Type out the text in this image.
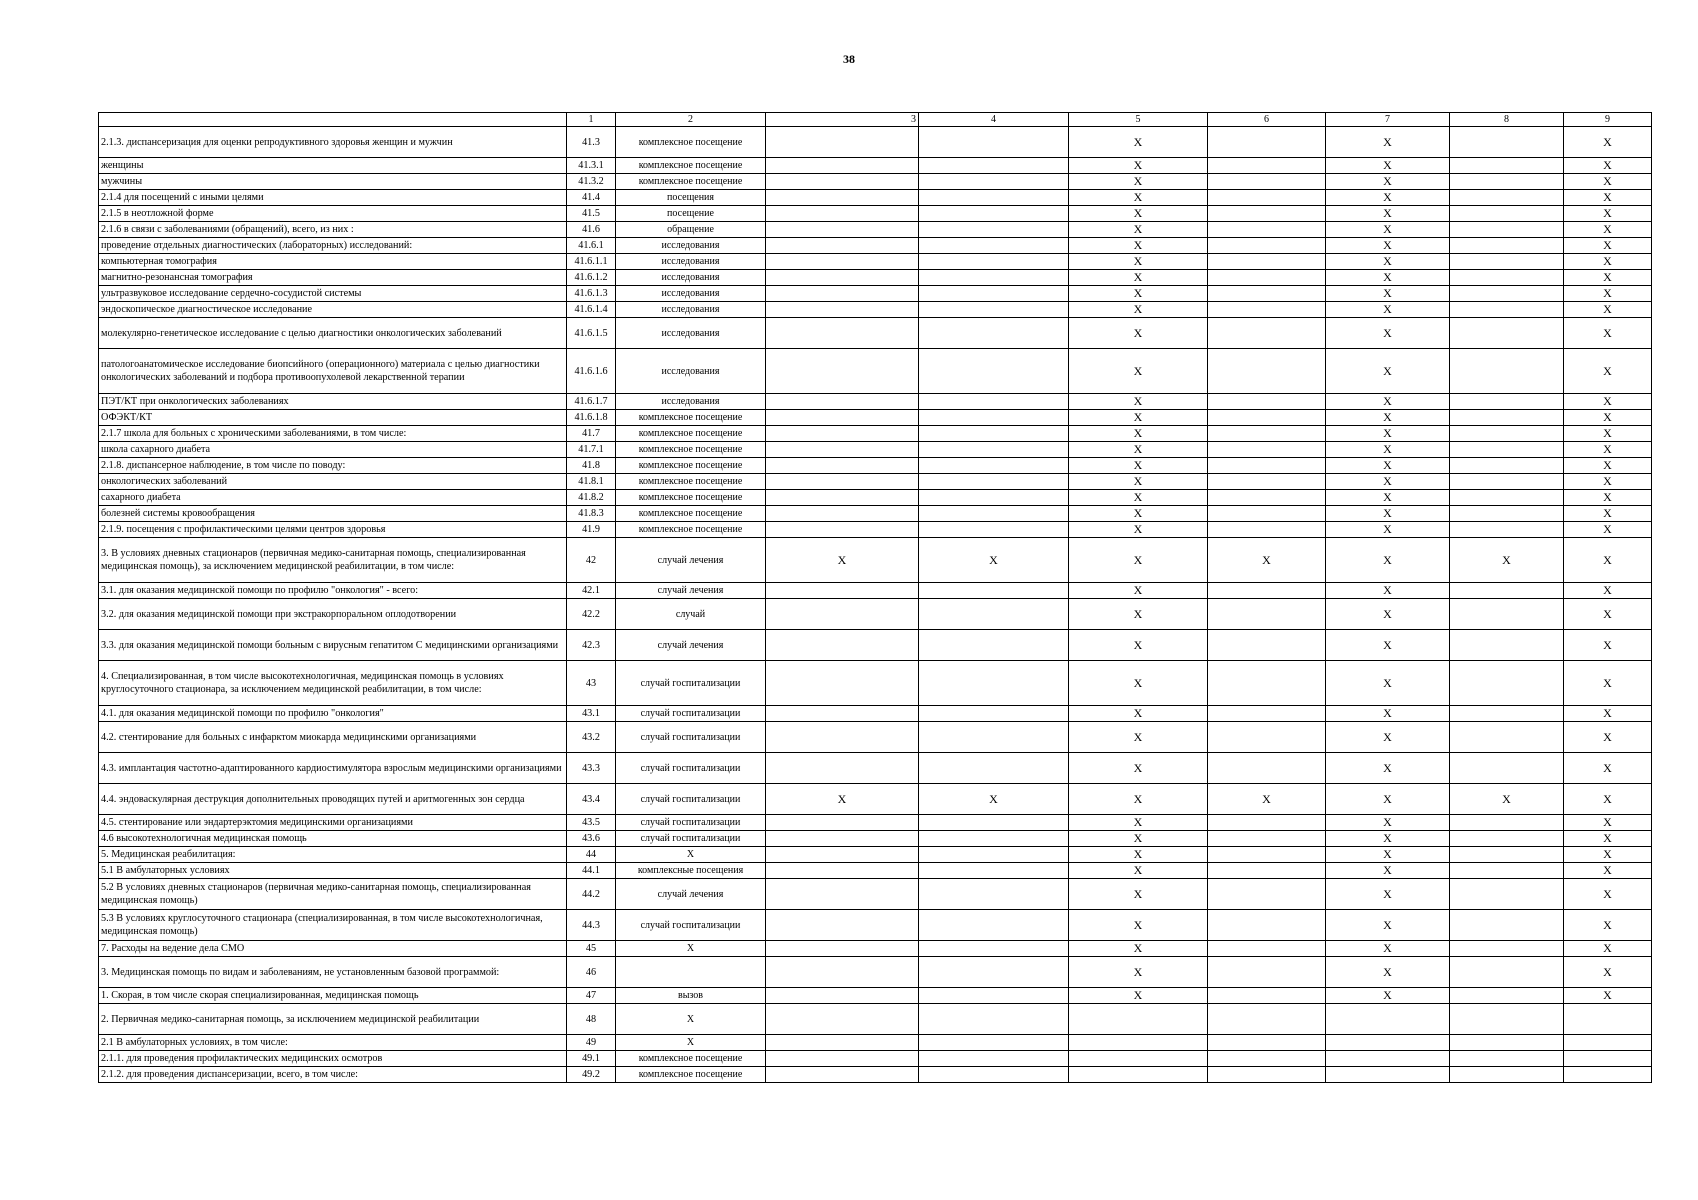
38
	1	2	3	4	5	6	7	8	9
2.1.3. диспансеризация для оценки репродуктивного здоровья женщин и мужчин	41.3	комплексное посещение			X		X		X
женщины	41.3.1	комплексное посещение			X		X		X
мужчины	41.3.2	комплексное посещение			X		X		X
2.1.4 для посещений с иными целями	41.4	посещения			X		X		X
2.1.5 в неотложной форме	41.5	посещение			X		X		X
2.1.6 в связи с заболеваниями (обращений), всего, из них :	41.6	обращение			X		X		X
проведение отдельных диагностических (лабораторных) исследований:	41.6.1	исследования			X		X		X
компьютерная томография	41.6.1.1	исследования			X		X		X
магнитно-резонансная томография	41.6.1.2	исследования			X		X		X
ультразвуковое исследование сердечно-сосудистой системы	41.6.1.3	исследования			X		X		X
эндоскопическое диагностическое исследование	41.6.1.4	исследования			X		X		X
молекулярно-генетическое исследование с целью диагностики онкологических заболеваний	41.6.1.5	исследования			X		X		X
патологоанатомическое исследование биопсийного (операционного) материала с целью диагностики онкологических заболеваний и подбора противоопухолевой лекарственной терапии	41.6.1.6	исследования			X		X		X
ПЭТ/КТ при онкологических заболеваниях	41.6.1.7	исследования			X		X		X
ОФЭКТ/КТ	41.6.1.8	комплексное посещение			X		X		X
2.1.7 школа для больных с хроническими заболеваниями, в том числе:	41.7	комплексное посещение			X		X		X
школа сахарного диабета	41.7.1	комплексное посещение			X		X		X
2.1.8. диспансерное наблюдение, в том числе по поводу:	41.8	комплексное посещение			X		X		X
онкологических заболеваний	41.8.1	комплексное посещение			X		X		X
сахарного диабета	41.8.2	комплексное посещение			X		X		X
болезней системы кровообращения	41.8.3	комплексное посещение			X		X		X
2.1.9. посещения с профилактическими целями центров здоровья	41.9	комплексное посещение			X		X		X
3. В условиях дневных стационаров (первичная медико-санитарная помощь, специализированная медицинская помощь), за исключением медицинской реабилитации, в том числе:	42	случай лечения	X	X	X	X	X	X	X
3.1. для оказания медицинской помощи по профилю "онкология" - всего:	42.1	случай лечения			X		X		X
3.2. для оказания медицинской помощи при экстракорпоральном оплодотворении	42.2	случай			X		X		X
3.3. для оказания медицинской помощи больным с вирусным гепатитом С медицинскими организациями	42.3	случай лечения			X		X		X
4. Специализированная, в том числе высокотехнологичная, медицинская помощь в условиях круглосуточного стационара, за исключением медицинской реабилитации, в том числе:	43	случай госпитализации			X		X		X
4.1. для оказания медицинской помощи по профилю "онкология"	43.1	случай госпитализации			X		X		X
4.2. стентирование для больных с инфарктом миокарда медицинскими организациями	43.2	случай госпитализации			X		X		X
4.3. имплантация частотно-адаптированного кардиостимулятора взрослым медицинскими организациями	43.3	случай госпитализации			X		X		X
4.4. эндоваскулярная деструкция дополнительных проводящих путей и аритмогенных зон сердца	43.4	случай госпитализации	X	X	X	X	X	X	X
4.5. стентирование или эндартерэктомия медицинскими организациями	43.5	случай госпитализации			X		X		X
4.6 высокотехнологичная медицинская помощь	43.6	случай госпитализации			X		X		X
5. Медицинская реабилитация:	44	X			X		X		X
5.1 В амбулаторных условиях	44.1	комплексные посещения			X		X		X
5.2 В условиях дневных стационаров (первичная медико-санитарная помощь, специализированная медицинская помощь)	44.2	случай лечения			X		X		X
5.3 В условиях круглосуточного стационара (специализированная, в том числе высокотехнологичная, медицинская помощь)	44.3	случай госпитализации			X		X		X
7. Расходы на ведение дела СМО	45	X			X		X		X
3. Медицинская помощь по видам и заболеваниям, не установленным базовой программой:	46				X		X		X
1. Скорая, в том числе скорая специализированная, медицинская помощь	47	вызов			X		X		X
2. Первичная медико-санитарная помощь, за исключением медицинской реабилитации	48	X							
2.1 В амбулаторных условиях, в том числе:	49	X							
2.1.1. для проведения профилактических медицинских осмотров	49.1	комплексное посещение							
2.1.2. для проведения диспансеризации, всего, в том числе:	49.2	комплексное посещение							
